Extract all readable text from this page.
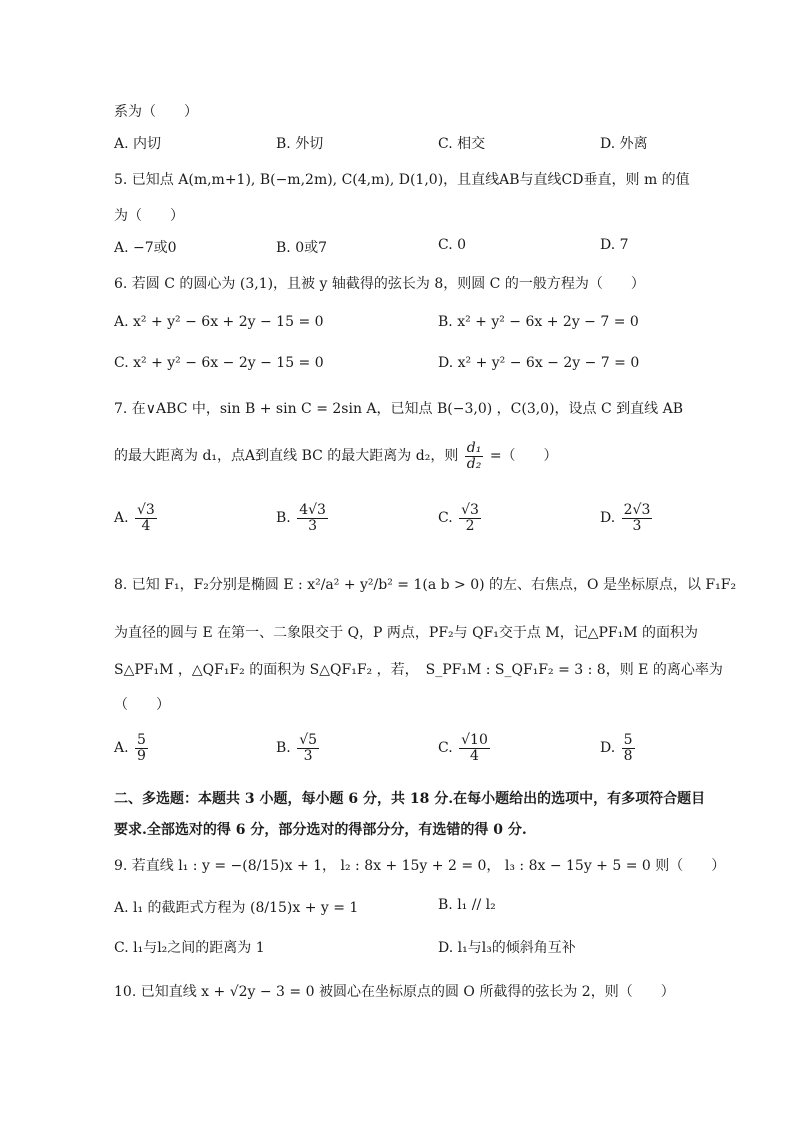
系为（　　）
A. 内切	B. 外切	C. 相交	D. 外离
5. 已知点 A(m,m+1), B(−m,2m), C(4,m), D(1,0)，且直线AB与直线CD垂直，则 m 的值
为（　　）
A. −7或0	B. 0或7	C. 0	D. 7
6. 若圆 C 的圆心为 (3,1)，且被 y 轴截得的弦长为 8，则圆 C 的一般方程为（　　）
A. x² + y² − 6x + 2y − 15 = 0	B. x² + y² − 6x + 2y − 7 = 0
C. x² + y² − 6x − 2y − 15 = 0	D. x² + y² − 6x − 2y − 7 = 0
7. 在∨ABC 中，sin B + sin C = 2sin A，已知点 B(−3,0) ，C(3,0)，设点 C 到直线 AB
的最大距离为 d₁，点A到直线 BC 的最大距离为 d₂，则 $\frac{\text{d₁}}{\text{d₂}}$ =（　　）
A. $\frac{√3}{4}$	B. $\frac{4√3}{3}$	C. $\frac{√3}{2}$	D. $\frac{2√3}{3}$
8. 已知 F₁，F₂分别是椭圆 E : x²/a² + y²/b² = 1(a b > 0) 的左、右焦点，O 是坐标原点，以 F₁F₂
为直径的圆与 E 在第一、二象限交于 Q，P 两点，PF₂与 QF₁交于点 M，记△PF₁M 的面积为
S△PF₁M ，△QF₁F₂ 的面积为 S△QF₁F₂ ，若，　S_PF₁M : S_QF₁F₂ = 3 : 8，则 E 的离心率为
（　　）
A. $\frac{5}{9}$	B. $\frac{√5}{3}$	C. $\frac{√10}{4}$	D. $\frac{5}{8}$
二、多选题：本题共 3 小题，每小题 6 分，共 18 分.在每小题给出的选项中，有多项符合题目
要求.全部选对的得 6 分，部分选对的得部分分，有选错的得 0 分.
9. 若直线 l₁ : y = −(8/15)x + 1， l₂ : 8x + 15y + 2 = 0， l₃ : 8x − 15y + 5 = 0 则（　　）
A. l₁ 的截距式方程为 (8/15)x + y = 1	B. l₁ // l₂
C. l₁与l₂之间的距离为 1	D. l₁与l₃的倾斜角互补
10. 已知直线 x + √2y − 3 = 0 被圆心在坐标原点的圆 O 所截得的弦长为 2，则（　　）
